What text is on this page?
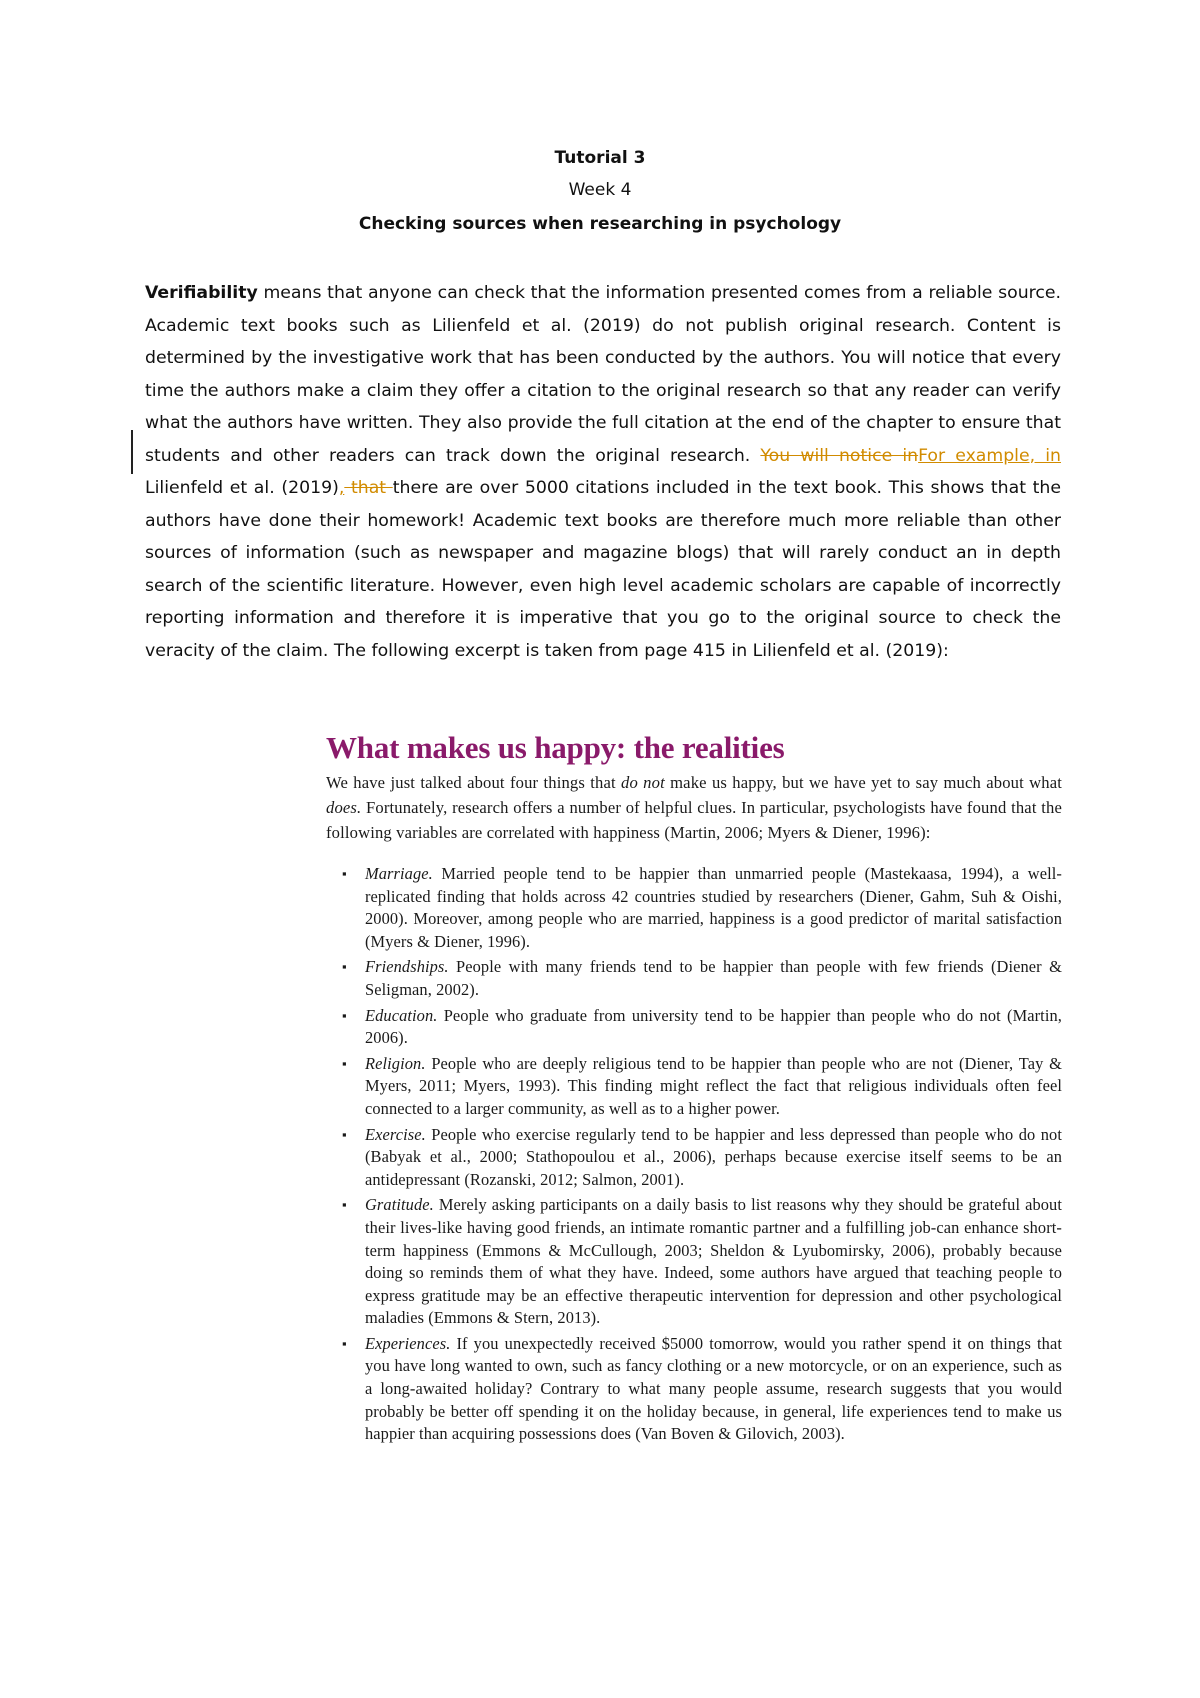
Tutorial 3
Week 4
Checking sources when researching in psychology

Verifiability means that anyone can check that the information presented comes from a reliable source. Academic text books such as Lilienfeld et al. (2019) do not publish original research. Content is determined by the investigative work that has been conducted by the authors. You will notice that every time the authors make a claim they offer a citation to the original research so that any reader can verify what the authors have written. They also provide the full citation at the end of the chapter to ensure that students and other readers can track down the original research. You will notice inFor example, in Lilienfeld et al. (2019), that there are over 5000 citations included in the text book. This shows that the authors have done their homework! Academic text books are therefore much more reliable than other sources of information (such as newspaper and magazine blogs) that will rarely conduct an in depth search of the scientific literature. However, even high level academic scholars are capable of incorrectly reporting information and therefore it is imperative that you go to the original source to check the veracity of the claim. The following excerpt is taken from page 415 in Lilienfeld et al. (2019):

What makes us happy: the realities

We have just talked about four things that do not make us happy, but we have yet to say much about what does. Fortunately, research offers a number of helpful clues. In particular, psychologists have found that the following variables are correlated with happiness (Martin, 2006; Myers & Diener, 1996):

▪ Marriage. Married people tend to be happier than unmarried people (Mastekaasa, 1994), a well-replicated finding that holds across 42 countries studied by researchers (Diener, Gahm, Suh & Oishi, 2000). Moreover, among people who are married, happiness is a good predictor of marital satisfaction (Myers & Diener, 1996).
▪ Friendships. People with many friends tend to be happier than people with few friends (Diener & Seligman, 2002).
▪ Education. People who graduate from university tend to be happier than people who do not (Martin, 2006).
▪ Religion. People who are deeply religious tend to be happier than people who are not (Diener, Tay & Myers, 2011; Myers, 1993). This finding might reflect the fact that religious individuals often feel connected to a larger community, as well as to a higher power.
▪ Exercise. People who exercise regularly tend to be happier and less depressed than people who do not (Babyak et al., 2000; Stathopoulou et al., 2006), perhaps because exercise itself seems to be an antidepressant (Rozanski, 2012; Salmon, 2001).
▪ Gratitude. Merely asking participants on a daily basis to list reasons why they should be grateful about their lives-like having good friends, an intimate romantic partner and a fulfilling job-can enhance short-term happiness (Emmons & McCullough, 2003; Sheldon & Lyubomirsky, 2006), probably because doing so reminds them of what they have. Indeed, some authors have argued that teaching people to express gratitude may be an effective therapeutic intervention for depression and other psychological maladies (Emmons & Stern, 2013).
▪ Experiences. If you unexpectedly received $5000 tomorrow, would you rather spend it on things that you have long wanted to own, such as fancy clothing or a new motorcycle, or on an experience, such as a long-awaited holiday? Contrary to what many people assume, research suggests that you would probably be better off spending it on the holiday because, in general, life experiences tend to make us happier than acquiring possessions does (Van Boven & Gilovich, 2003).
